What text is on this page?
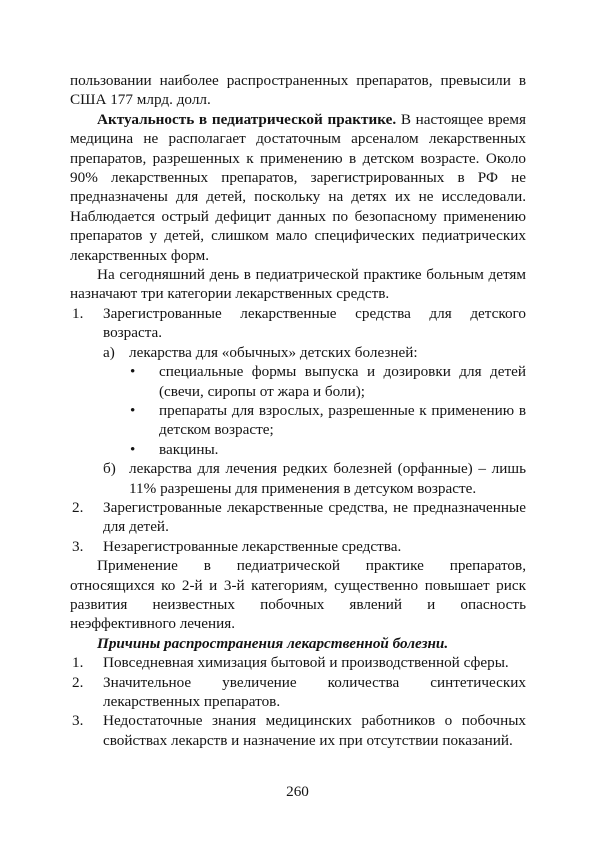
пользовании наиболее распространенных препаратов, превысили в США 177 млрд. долл.

Актуальность в педиатрической практике. В настоящее время медицина не располагает достаточным арсеналом лекарственных препаратов, разрешенных к применению в детском возрасте. Около 90% лекарственных препаратов, зарегистрированных в РФ не предназначены для детей, поскольку на детях их не исследовали. Наблюдается острый дефицит данных по безопасному применению препаратов у детей, слишком мало специфических педиатрических лекарственных форм.

На сегодняшний день в педиатрической практике больным детям назначают три категории лекарственных средств.

1. Зарегистрованные лекарственные средства для детского возраста.
а) лекарства для «обычных» детских болезней:
• специальные формы выпуска и дозировки для детей (свечи, сиропы от жара и боли);
• препараты для взрослых, разрешенные к применению в детском возрасте;
• вакцины.
б) лекарства для лечения редких болезней (орфанные) – лишь 11% разрешены для применения в детсуком возрасте.
2. Зарегистрованные лекарственные средства, не предназначенные для детей.
3. Незарегистрованные лекарственные средства.

Применение в педиатрической практике препаратов, относящихся ко 2-й и 3-й категориям, существенно повышает риск развития неизвестных побочных явлений и опасность неэффективного лечения.

Причины распространения лекарственной болезни.

1. Повседневная химизация бытовой и производственной сферы.
2. Значительное увеличение количества синтетических лекарственных препаратов.
3. Недостаточные знания медицинских работников о побочных свойствах лекарств и назначение их при отсутствии показаний.
260
